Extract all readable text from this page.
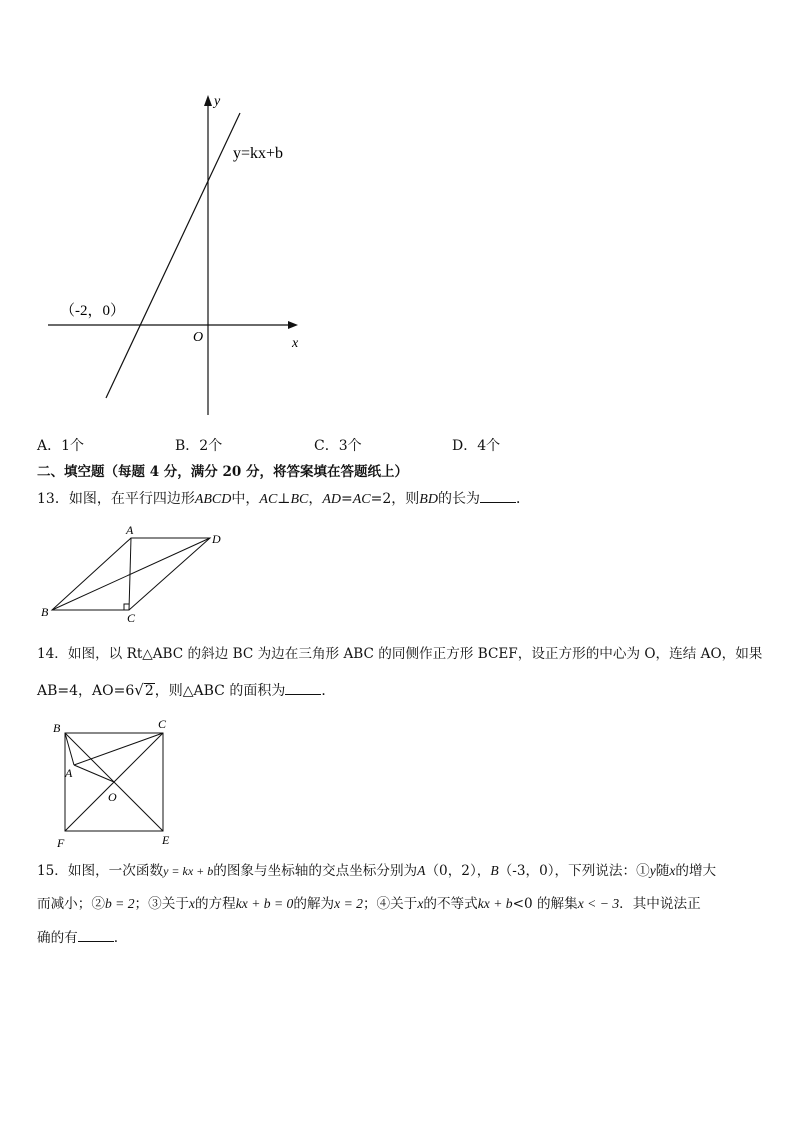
y
x
O
y=kx+b
（-2，0）
A．1个	B．2个	C．3个	D．4个
二、填空题（每题 4 分，满分 20 分，将答案填在答题纸上）
13．如图，在平行四边形ABCD中，AC⊥BC，AD=AC=2，则BD的长为	．
A
D
B	C
14．如图，以 Rt△ABC 的斜边 BC 为边在三角形 ABC 的同侧作正方形 BCEF，设正方形的中心为 O，连结 AO，如果
AB=4，AO=6√2，则△ABC 的面积为	．
B	C
A
O
F	E
15．如图，一次函数y = kx + b的图象与坐标轴的交点坐标分别为A（0，2），B（-3，0），下列说法：①y随x的增大
而减小；②b = 2；③关于x的方程kx + b = 0的解为x = 2；④关于x的不等式kx + b<0 的解集x < − 3．其中说法正
确的有	.
